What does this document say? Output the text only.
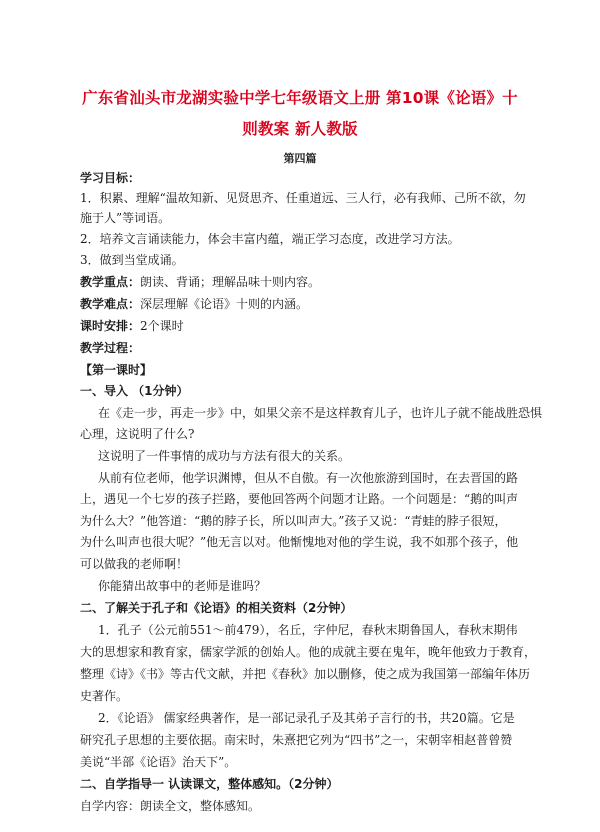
广东省汕头市龙湖实验中学七年级语文上册 第10课《论语》十
则教案 新人教版
第四篇
学习目标：
1．积累、理解“温故知新、见贤思齐、任重道远、三人行，必有我师、己所不欲，勿
施于人”等词语。
2．培养文言诵读能力，体会丰富内蕴，端正学习态度，改进学习方法。
3．做到当堂成诵。
教学重点：朗读、背诵；理解品味十则内容。
教学难点：深层理解《论语》十则的内涵。
课时安排：2个课时
教学过程：
【第一课时】
一、导入 （1分钟）
在《走一步，再走一步》中，如果父亲不是这样教育儿子，也许儿子就不能战胜恐惧
心理，这说明了什么?
这说明了一件事情的成功与方法有很大的关系。
从前有位老师，他学识渊博，但从不自傲。有一次他旅游到国时，在去晋国的路
上，遇见一个七岁的孩子拦路，要他回答两个问题才让路。一个问题是：“鹅的叫声
为什么大？”他答道：“鹅的脖子长，所以叫声大。”孩子又说：“青蛙的脖子很短，
为什么叫声也很大呢？”他无言以对。他惭愧地对他的学生说，我不如那个孩子，他
可以做我的老师啊！
你能猜出故事中的老师是谁吗？
二、了解关于孔子和《论语》的相关资料（2分钟）
1．孔子（公元前551～前479），名丘，字仲尼，春秋末期鲁国人，春秋末期伟
大的思想家和教育家，儒家学派的创始人。他的成就主要在鬼年，晚年他致力于教育，
整理《诗》《书》等古代文献，并把《春秋》加以删修，使之成为我国第一部编年体历
史著作。
2．《论语》 儒家经典著作，是一部记录孔子及其弟子言行的书，共20篇。它是
研究孔子思想的主要依据。南宋时，朱熹把它列为“四书”之一，宋朝宰相赵普曾赞
美说“半部《论语》治天下”。
二、自学指导一 认读课文，整体感知。（2分钟）
自学内容：朗读全文，整体感知。
